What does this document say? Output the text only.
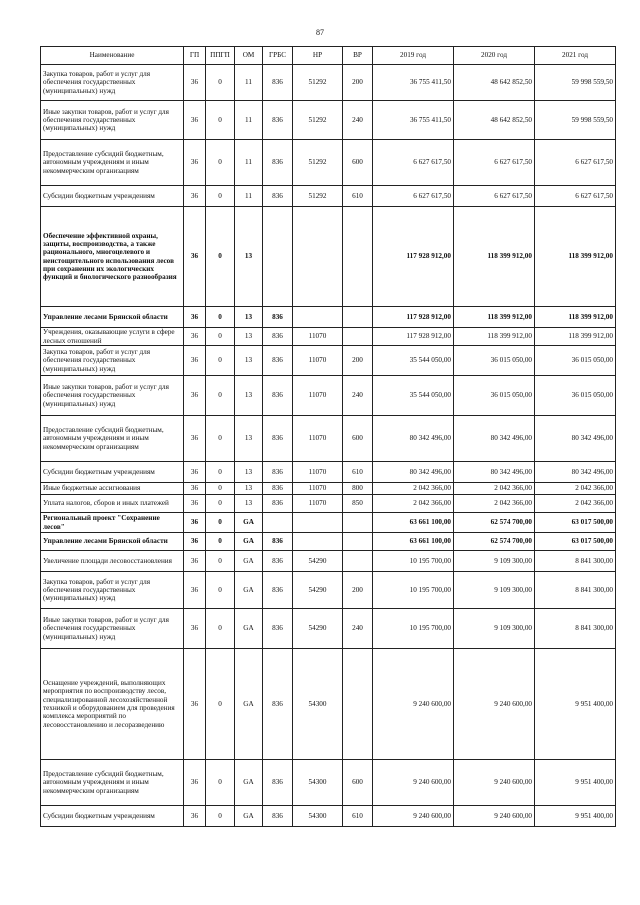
87
Наименование	ГП	ППГП	ОМ	ГРБС	НР	ВР	2019 год	2020 год	2021 год
Закупка товаров, работ и услуг для обеспечения государственных (муниципальных) нужд	36	0	11	836	51292	200	36 755 411,50	48 642 852,50	59 998 559,50
Иные закупки товаров, работ и услуг для обеспечения государственных (муниципальных) нужд	36	0	11	836	51292	240	36 755 411,50	48 642 852,50	59 998 559,50
Предоставление субсидий бюджетным, автономным учреждениям и иным некоммерческим организациям	36	0	11	836	51292	600	6 627 617,50	6 627 617,50	6 627 617,50
Субсидии бюджетным учреждениям	36	0	11	836	51292	610	6 627 617,50	6 627 617,50	6 627 617,50
Обеспечение эффективной охраны, защиты, воспроизводства, а также рационального, многоцелевого и неистощительного использования лесов при сохранении их экологических функций и биологического разнообразия	36	0	13				117 928 912,00	118 399 912,00	118 399 912,00
Управление лесами Брянской области	36	0	13	836			117 928 912,00	118 399 912,00	118 399 912,00
Учреждения, оказывающие услуги в сфере лесных отношений	36	0	13	836	11070		117 928 912,00	118 399 912,00	118 399 912,00
Закупка товаров, работ и услуг для обеспечения государственных (муниципальных) нужд	36	0	13	836	11070	200	35 544 050,00	36 015 050,00	36 015 050,00
Иные закупки товаров, работ и услуг для обеспечения государственных (муниципальных) нужд	36	0	13	836	11070	240	35 544 050,00	36 015 050,00	36 015 050,00
Предоставление субсидий бюджетным, автономным учреждениям и иным некоммерческим организациям	36	0	13	836	11070	600	80 342 496,00	80 342 496,00	80 342 496,00
Субсидии бюджетным учреждениям	36	0	13	836	11070	610	80 342 496,00	80 342 496,00	80 342 496,00
Иные бюджетные ассигнования	36	0	13	836	11070	800	2 042 366,00	2 042 366,00	2 042 366,00
Уплата налогов, сборов и иных платежей	36	0	13	836	11070	850	2 042 366,00	2 042 366,00	2 042 366,00
Региональный проект "Сохранение лесов"	36	0	GA				63 661 100,00	62 574 700,00	63 017 500,00
Управление лесами Брянской области	36	0	GA	836			63 661 100,00	62 574 700,00	63 017 500,00
Увеличение площади лесовосстановления	36	0	GA	836	54290		10 195 700,00	9 109 300,00	8 841 300,00
Закупка товаров, работ и услуг для обеспечения государственных (муниципальных) нужд	36	0	GA	836	54290	200	10 195 700,00	9 109 300,00	8 841 300,00
Иные закупки товаров, работ и услуг для обеспечения государственных (муниципальных) нужд	36	0	GA	836	54290	240	10 195 700,00	9 109 300,00	8 841 300,00
Оснащение учреждений, выполняющих мероприятия по воспроизводству лесов, специализированной лесохозяйственной техникой и оборудованием для проведения комплекса мероприятий по лесовосстановлению и лесоразведению	36	0	GA	836	54300		9 240 600,00	9 240 600,00	9 951 400,00
Предоставление субсидий бюджетным, автономным учреждениям и иным некоммерческим организациям	36	0	GA	836	54300	600	9 240 600,00	9 240 600,00	9 951 400,00
Субсидии бюджетным учреждениям	36	0	GA	836	54300	610	9 240 600,00	9 240 600,00	9 951 400,00
